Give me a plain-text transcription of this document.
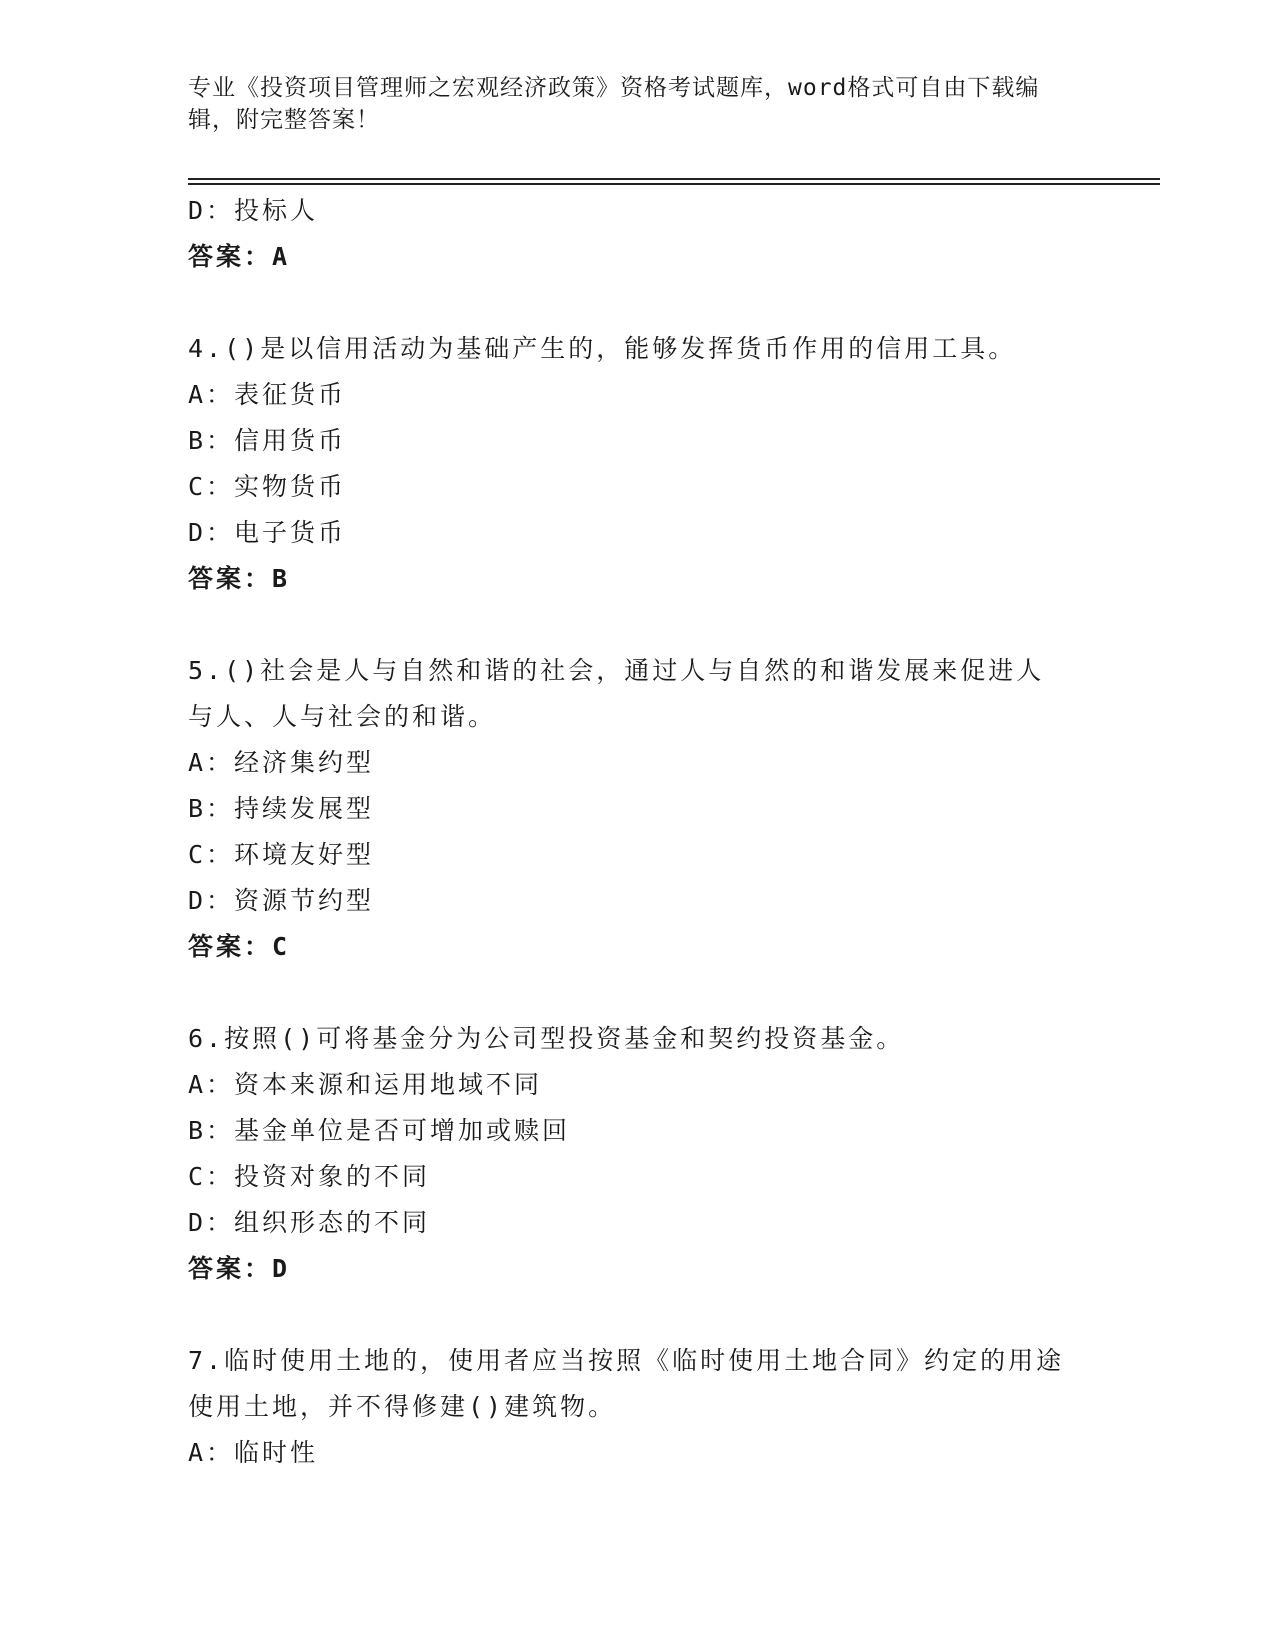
专业《投资项目管理师之宏观经济政策》资格考试题库，word格式可自由下载编辑，附完整答案！
D：投标人
答案：A
4.()是以信用活动为基础产生的，能够发挥货币作用的信用工具。
A：表征货币
B：信用货币
C：实物货币
D：电子货币
答案：B
5.()社会是人与自然和谐的社会，通过人与自然的和谐发展来促进人与人、人与社会的和谐。
A：经济集约型
B：持续发展型
C：环境友好型
D：资源节约型
答案：C
6.按照()可将基金分为公司型投资基金和契约投资基金。
A：资本来源和运用地域不同
B：基金单位是否可增加或赎回
C：投资对象的不同
D：组织形态的不同
答案：D
7.临时使用土地的，使用者应当按照《临时使用土地合同》约定的用途使用土地，并不得修建()建筑物。
A：临时性
